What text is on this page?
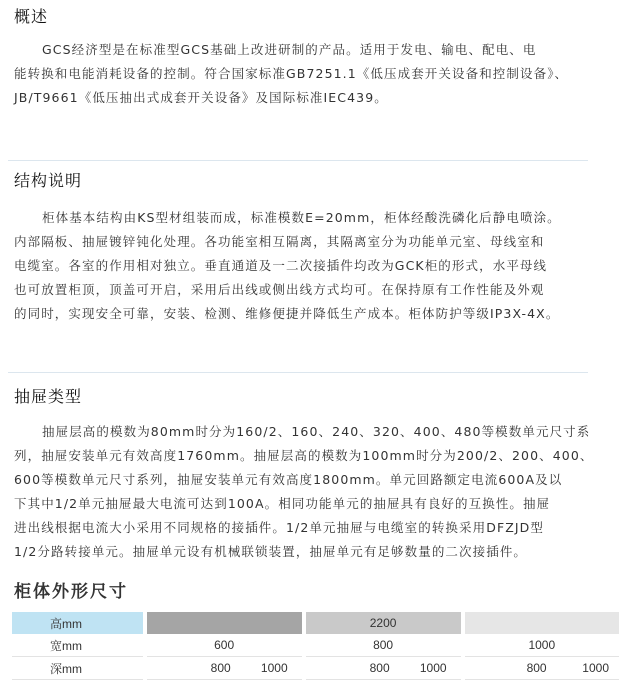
概述
GCS经济型是在标准型GCS基础上改进研制的产品。适用于发电、输电、配电、电
能转换和电能消耗设备的控制。符合国家标准GB7251.1《低压成套开关设备和控制设备》、
JB/T9661《低压抽出式成套开关设备》及国际标准IEC439。
结构说明
柜体基本结构由KS型材组装而成，标准模数E=20mm，柜体经酸洗磷化后静电喷涂。
内部隔板、抽屉镀锌钝化处理。各功能室相互隔离，其隔离室分为功能单元室、母线室和
电缆室。各室的作用相对独立。垂直通道及一二次接插件均改为GCK柜的形式，水平母线
也可放置柜顶，顶盖可开启，采用后出线或侧出线方式均可。在保持原有工作性能及外观
的同时，实现安全可靠，安装、检测、维修便捷并降低生产成本。柜体防护等级IP3X-4X。
抽屉类型
抽屉层高的模数为80mm时分为160/2、160、240、320、400、480等模数单元尺寸系
列，抽屉安装单元有效高度1760mm。抽屉层高的模数为100mm时分为200/2、200、400、
600等模数单元尺寸系列，抽屉安装单元有效高度1800mm。单元回路额定电流600A及以
下其中1/2单元抽屉最大电流可达到100A。相同功能单元的抽屉具有良好的互换性。抽屉
进出线根据电流大小采用不同规格的接插件。1/2单元抽屉与电缆室的转换采用DFZJD型
1/2分路转接单元。抽屉单元设有机械联锁装置，抽屉单元有足够数量的二次接插件。
柜体外形尺寸
高mm		2200	
宽mm	600	800	1000
深mm	800 1000	800 1000	800 1000
